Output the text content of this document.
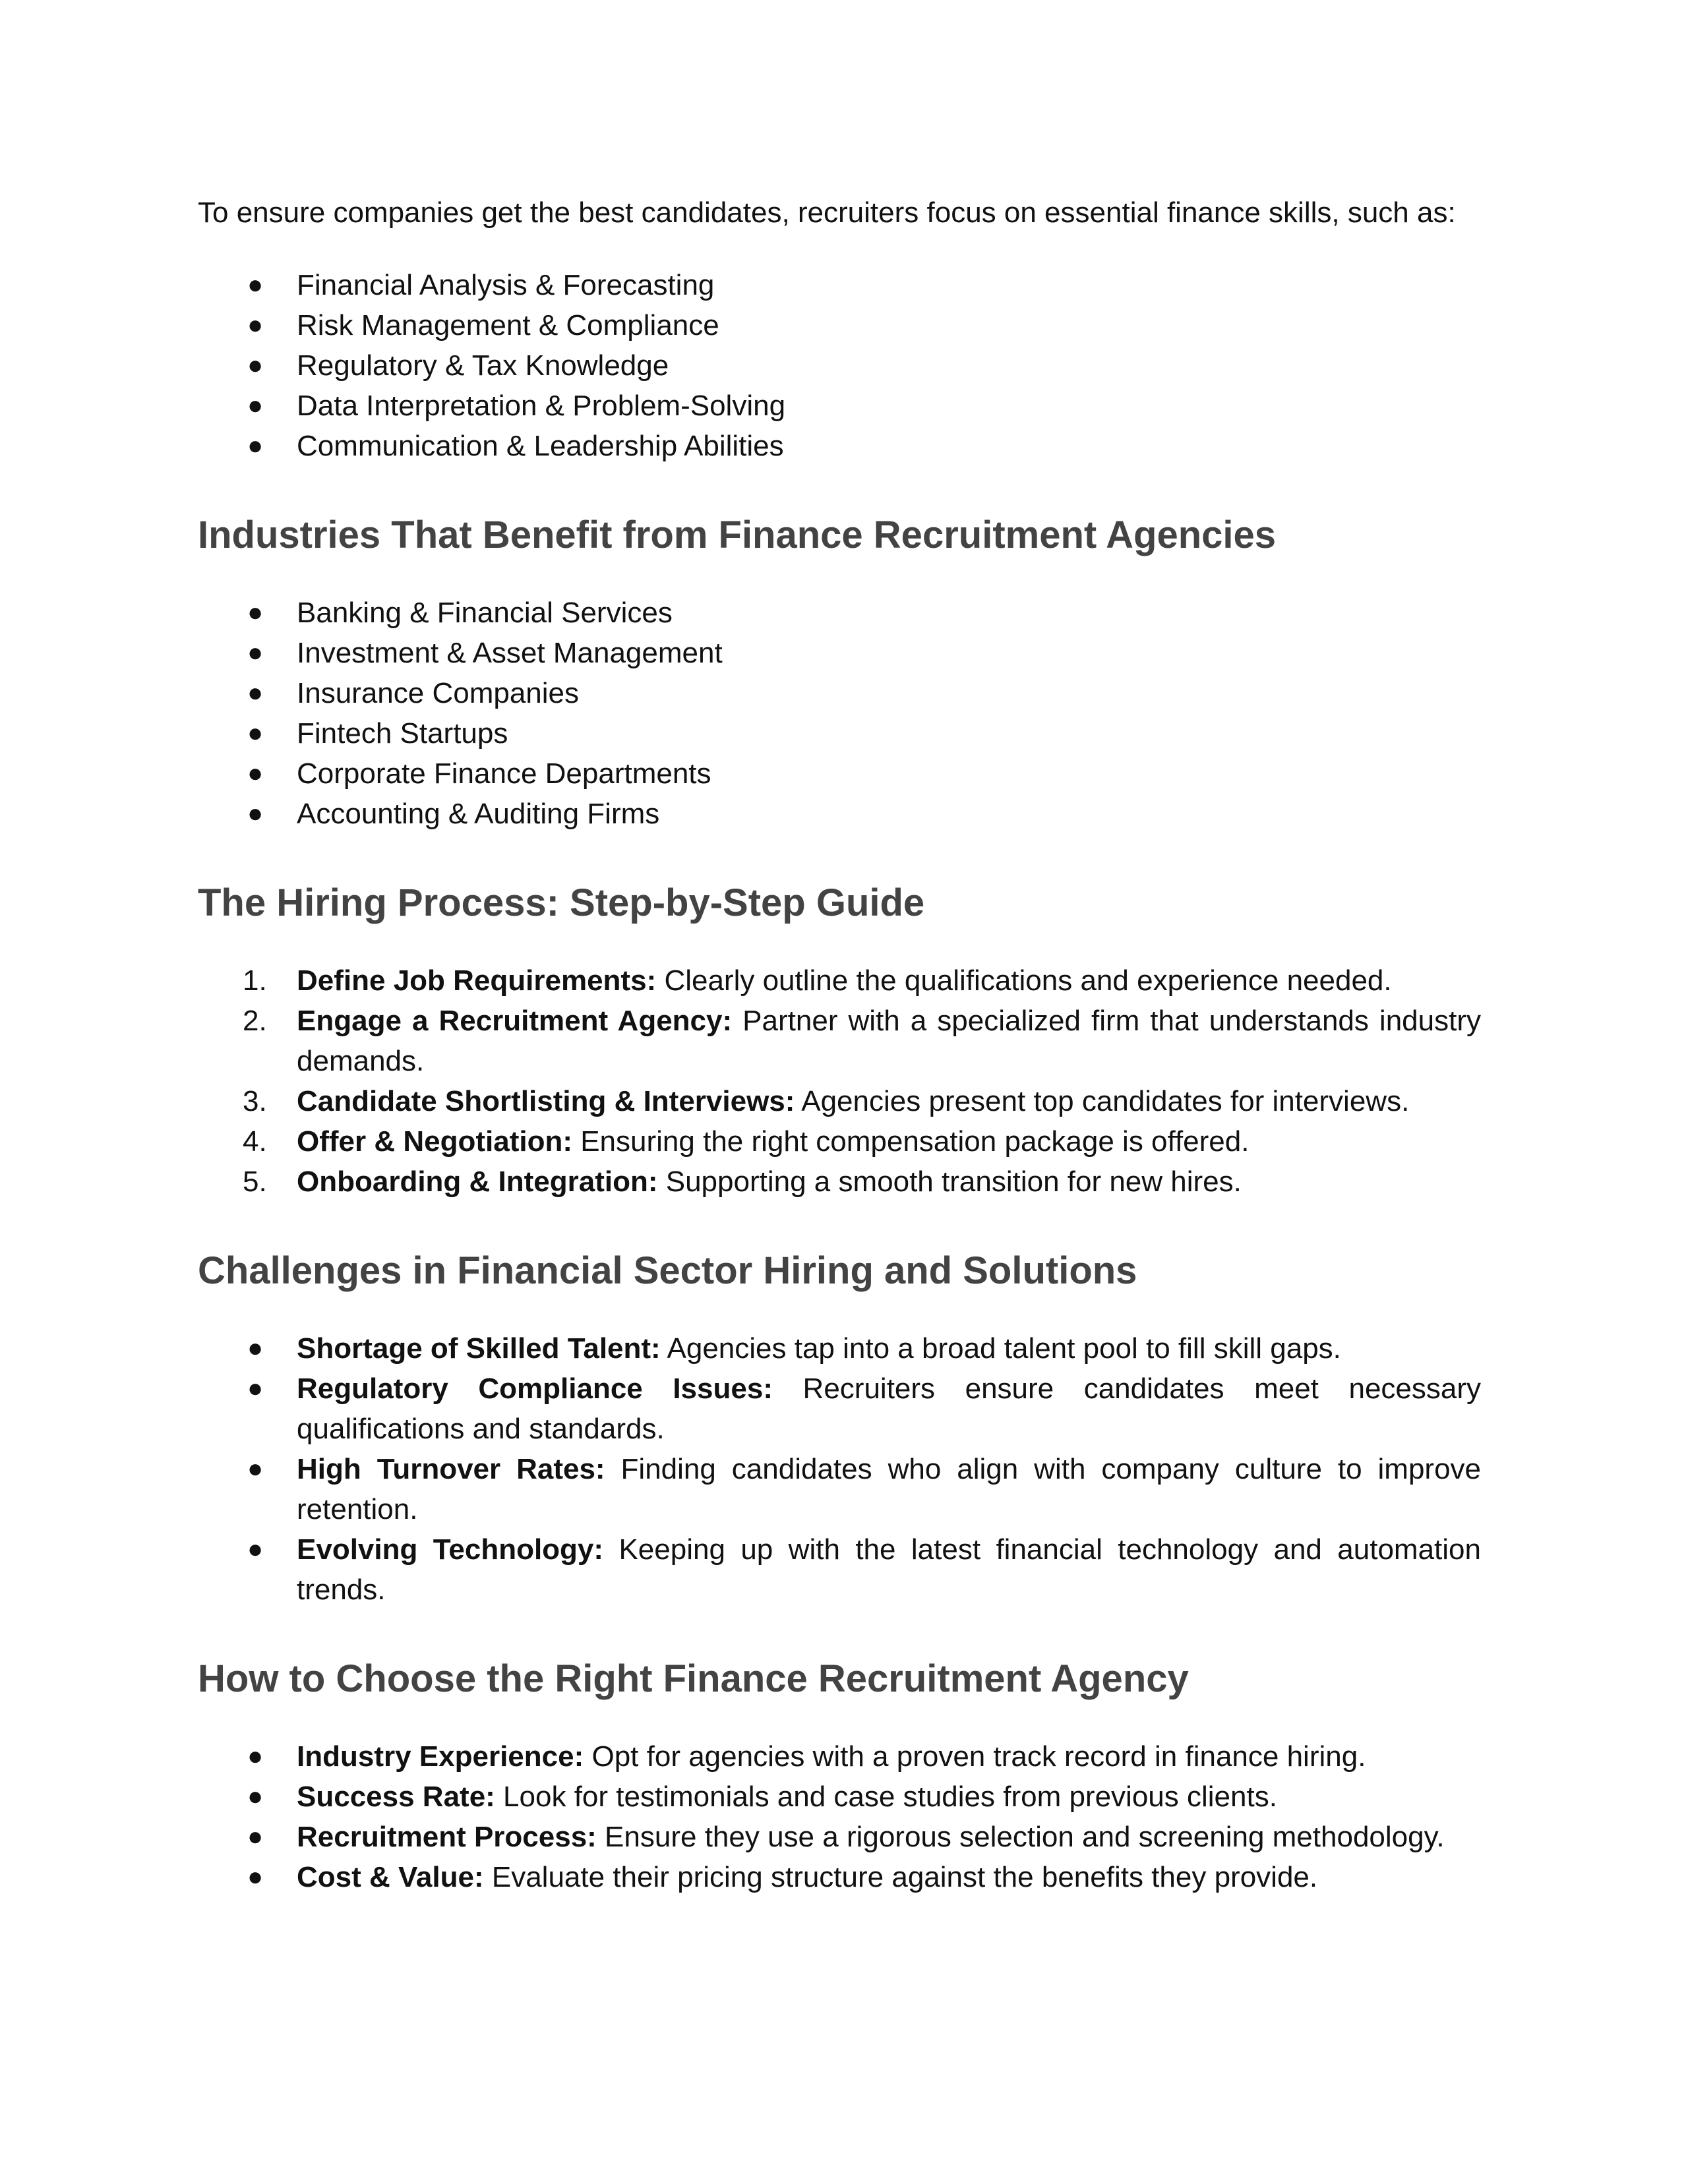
To ensure companies get the best candidates, recruiters focus on essential finance skills, such as:

●	Financial Analysis & Forecasting
●	Risk Management & Compliance
●	Regulatory & Tax Knowledge
●	Data Interpretation & Problem-Solving
●	Communication & Leadership Abilities
Industries That Benefit from Finance Recruitment Agencies
●	Banking & Financial Services
●	Investment & Asset Management
●	Insurance Companies
●	Fintech Startups
●	Corporate Finance Departments
●	Accounting & Auditing Firms
The Hiring Process: Step-by-Step Guide
1.	Define Job Requirements: Clearly outline the qualifications and experience needed.
2.	Engage a Recruitment Agency: Partner with a specialized firm that understands industry demands.
3.	Candidate Shortlisting & Interviews: Agencies present top candidates for interviews.
4.	Offer & Negotiation: Ensuring the right compensation package is offered.
5.	Onboarding & Integration: Supporting a smooth transition for new hires.
Challenges in Financial Sector Hiring and Solutions
●	Shortage of Skilled Talent: Agencies tap into a broad talent pool to fill skill gaps.
●	Regulatory Compliance Issues: Recruiters ensure candidates meet necessary qualifications and standards.
●	High Turnover Rates: Finding candidates who align with company culture to improve retention.
●	Evolving Technology: Keeping up with the latest financial technology and automation trends.
How to Choose the Right Finance Recruitment Agency
●	Industry Experience: Opt for agencies with a proven track record in finance hiring.
●	Success Rate: Look for testimonials and case studies from previous clients.
●	Recruitment Process: Ensure they use a rigorous selection and screening methodology.
●	Cost & Value: Evaluate their pricing structure against the benefits they provide.
